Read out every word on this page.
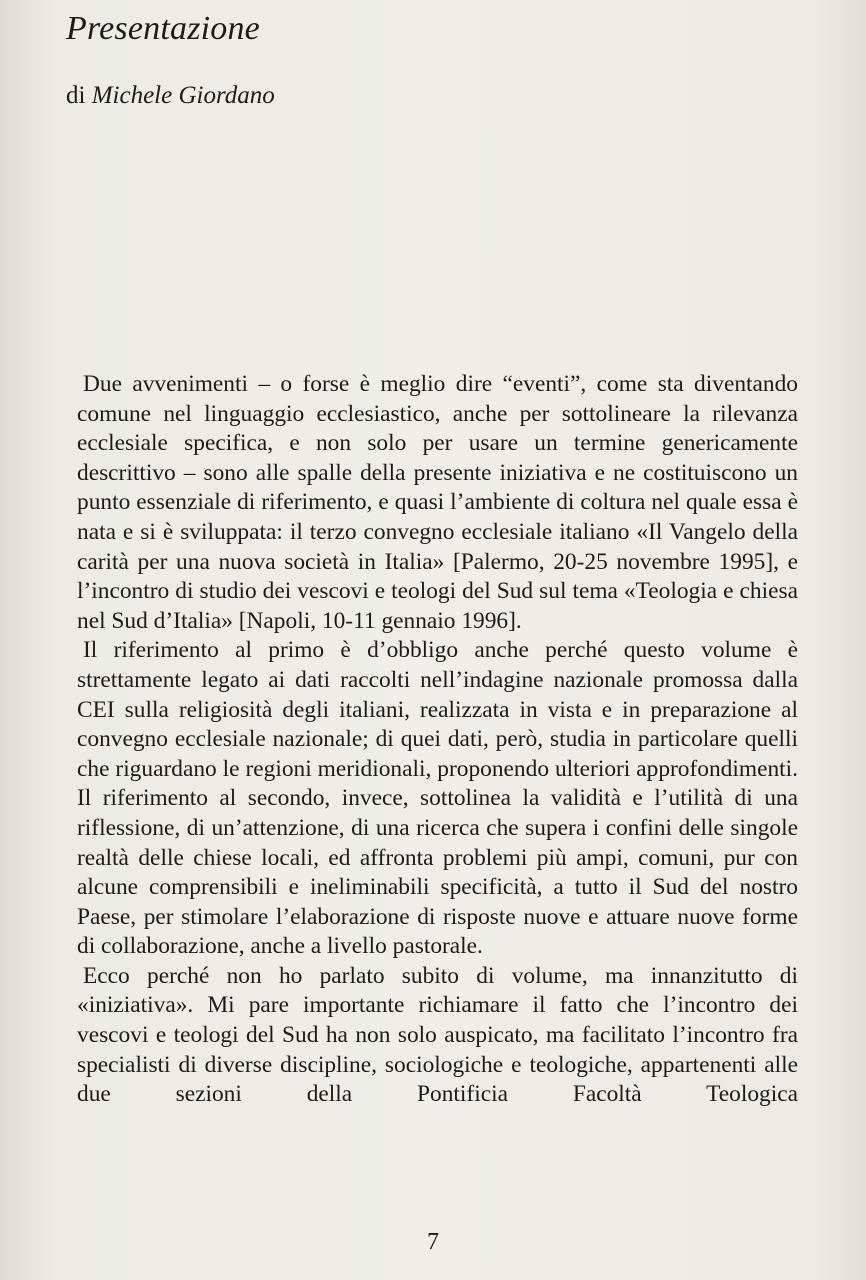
Presentazione
di Michele Giordano

Due avvenimenti – o forse è meglio dire “eventi”, come sta diventando comune nel linguaggio ecclesiastico, anche per sottolineare la rilevanza ecclesiale specifica, e non solo per usare un termine genericamente descrittivo – sono alle spalle della presente iniziativa e ne costituiscono un punto essenziale di riferimento, e quasi l’ambiente di coltura nel quale essa è nata e si è sviluppata: il terzo convegno ecclesiale italiano «Il Vangelo della carità per una nuova società in Italia» [Palermo, 20-25 novembre 1995], e l’incontro di studio dei vescovi e teologi del Sud sul tema «Teologia e chiesa nel Sud d’Italia» [Napoli, 10-11 gennaio 1996].

Il riferimento al primo è d’obbligo anche perché questo volume è strettamente legato ai dati raccolti nell’indagine nazionale promossa dalla CEI sulla religiosità degli italiani, realizzata in vista e in preparazione al convegno ecclesiale nazionale; di quei dati, però, studia in particolare quelli che riguardano le regioni meridionali, proponendo ulteriori approfondimenti. Il riferimento al secondo, invece, sottolinea la validità e l’utilità di una riflessione, di un’attenzione, di una ricerca che supera i confini delle singole realtà delle chiese locali, ed affronta problemi più ampi, comuni, pur con alcune comprensibili e ineliminabili specificità, a tutto il Sud del nostro Paese, per stimolare l’elaborazione di risposte nuove e attuare nuove forme di collaborazione, anche a livello pastorale.

Ecco perché non ho parlato subito di volume, ma innanzitutto di «iniziativa». Mi pare importante richiamare il fatto che l’incontro dei vescovi e teologi del Sud ha non solo auspicato, ma facilitato l’incontro fra specialisti di diverse discipline, sociologiche e teologiche, appartenenti alle due sezioni della Pontificia Facoltà Teologica

7
